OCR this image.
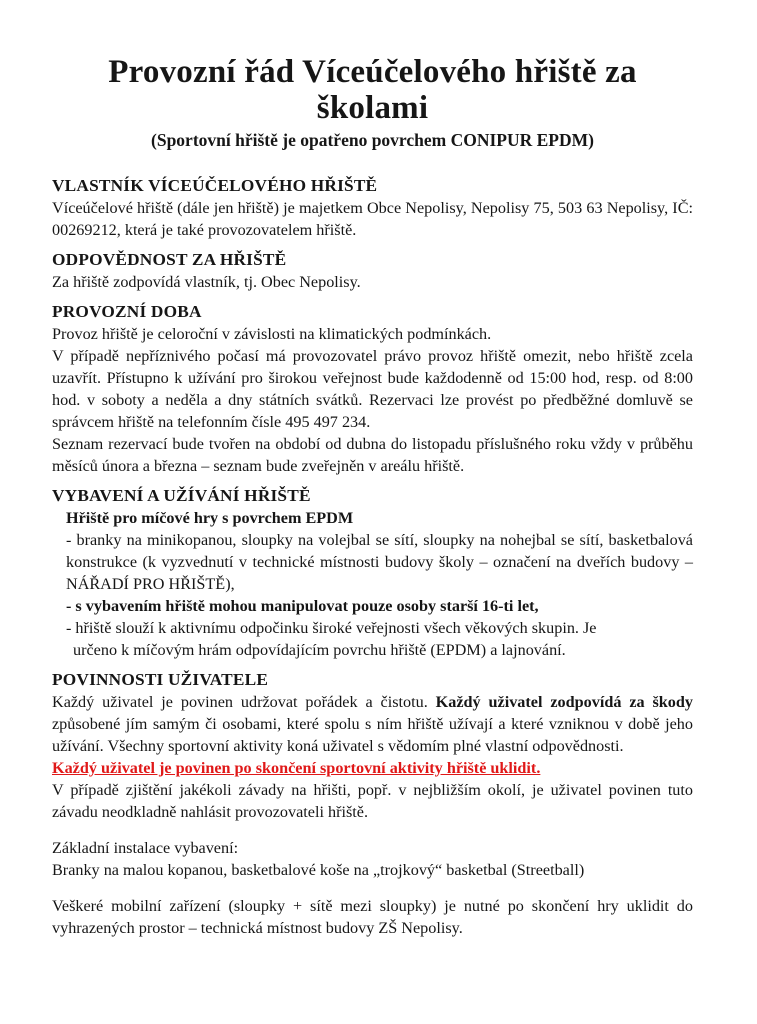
Provozní řád Víceúčelového hřiště za školami
(Sportovní hřiště je opatřeno povrchem CONIPUR EPDM)
VLASTNÍK VÍCEÚČELOVÉHO HŘIŠTĚ

Víceúčelové hřiště (dále jen hřiště) je majetkem Obce Nepolisy, Nepolisy 75, 503 63 Nepolisy, IČ: 00269212, která je také provozovatelem hřiště.

ODPOVĚDNOST ZA HŘIŠTĚ

Za hřiště zodpovídá vlastník, tj. Obec Nepolisy.

PROVOZNÍ DOBA

Provoz hřiště je celoroční v závislosti na klimatických podmínkách.

V případě nepříznivého počasí má provozovatel právo provoz hřiště omezit, nebo hřiště zcela uzavřít. Přístupno k užívání pro širokou veřejnost bude každodenně od 15:00 hod, resp. od 8:00 hod. v soboty a neděla a dny státních svátků. Rezervaci lze provést po předběžné domluvě se správcem hřiště na telefonním čísle 495 497 234.

Seznam rezervací bude tvořen na období od dubna do listopadu příslušného roku vždy v průběhu měsíců února a března – seznam bude zveřejněn v areálu hřiště.

VYBAVENÍ A UŽÍVÁNÍ HŘIŠTĚ

Hřiště pro míčové hry s povrchem EPDM

- branky na minikopanou, sloupky na volejbal se sítí, sloupky na nohejbal se sítí, basketbalová konstrukce (k vyzvednutí v technické místnosti budovy školy – označení na dveřích budovy – NÁŘADÍ PRO HŘIŠTĚ),

- s vybavením hřiště mohou manipulovat pouze osoby starší 16-ti let,

- hřiště slouží k aktivnímu odpočinku široké veřejnosti všech věkových skupin. Je

určeno k míčovým hrám odpovídajícím povrchu hřiště (EPDM) a lajnování.

POVINNOSTI UŽIVATELE

Každý uživatel je povinen udržovat pořádek a čistotu. Každý uživatel zodpovídá za škody způsobené jím samým či osobami, které spolu s ním hřiště užívají a které vzniknou v době jeho užívání. Všechny sportovní aktivity koná uživatel s vědomím plné vlastní odpovědnosti.

Každý uživatel je povinen po skončení sportovní aktivity hřiště uklidit.

V případě zjištění jakékoli závady na hřišti, popř. v nejbližším okolí, je uživatel povinen tuto závadu neodkladně nahlásit provozovateli hřiště.

Základní instalace vybavení:

Branky na malou kopanou, basketbalové koše na „trojkový“ basketbal (Streetball)

Veškeré mobilní zařízení (sloupky + sítě mezi sloupky) je nutné po skončení hry uklidit do vyhrazených prostor – technická místnost budovy ZŠ Nepolisy.
